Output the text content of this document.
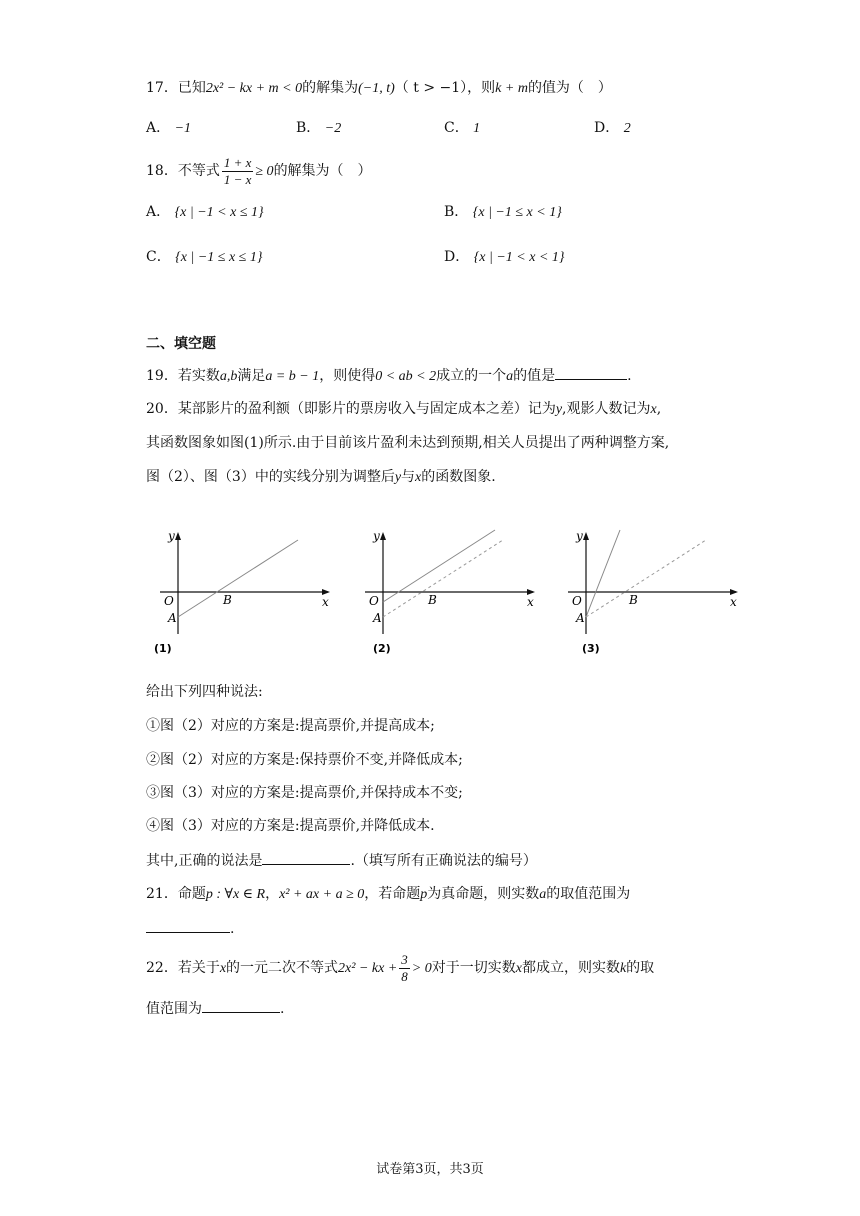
17．已知2x² − kx + m < 0的解集为(−1, t)（ t > −1），则k + m的值为（　）
A． −1	B． −2	C． 1	D． 2
18．不等式 $\frac{1 + x}{1 - x} \ge 0$的解集为（　）
A． {x | −1 < x ≤ 1}	B． {x | −1 ≤ x < 1}
C． {x | −1 ≤ x ≤ 1}	D． {x | −1 < x < 1}
二、填空题
19．若实数a,b满足a = b − 1，则使得0 < ab < 2成立的一个a的值是	.
20．某部影片的盈利额（即影片的票房收入与固定成本之差）记为y,观影人数记为x,
其函数图象如图(1)所示.由于目前该片盈利未达到预期,相关人员提出了两种调整方案,
图（2）、图（3）中的实线分别为调整后y与x的函数图象.
y
O	B
A
x
(1)
y
O	B
A
x
(2)
y
O	B
A
x
(3)
给出下列四种说法:
①图（2）对应的方案是:提高票价,并提高成本;
②图（2）对应的方案是:保持票价不变,并降低成本;
③图（3）对应的方案是:提高票价,并保持成本不变;
④图（3）对应的方案是:提高票价,并降低成本.
其中,正确的说法是	.（填写所有正确说法的编号）
21．命题p : ∀x ∈ R，x² + ax + a ≥ 0，若命题p为真命题，则实数a的取值范围为
.
22．若关于x的一元二次不等式2x² − kx + $\frac{3}{8} > 0$对于一切实数x都成立，则实数k的取
值范围为	.
试卷第3页，共3页
